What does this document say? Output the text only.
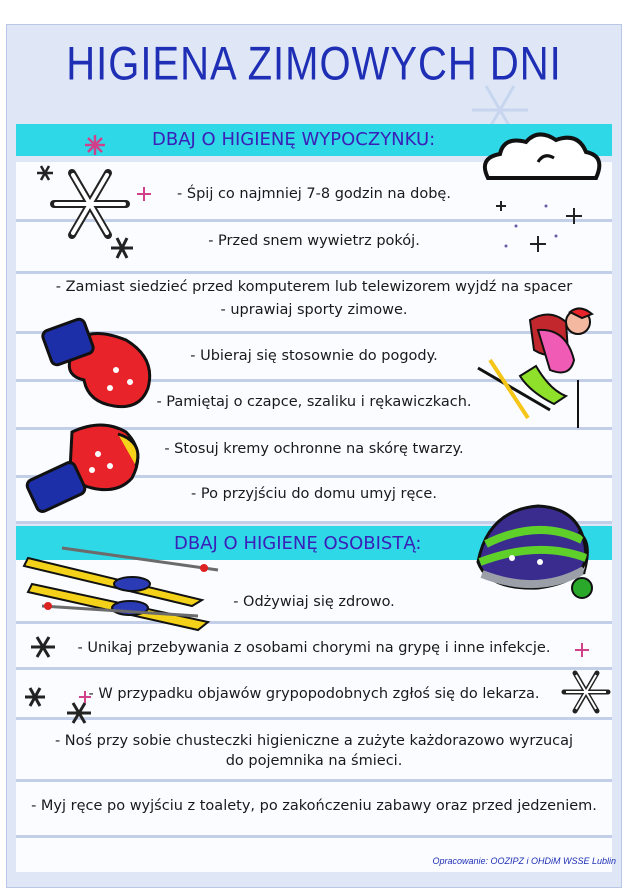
HIGIENA ZIMOWYCH DNI
DBAJ O HIGIENĘ WYPOCZYNKU:
- Śpij co najmniej 7-8 godzin na dobę.
- Przed snem wywietrz pokój.
- Zamiast siedzieć przed komputerem lub telewizorem wyjdź na spacer
- uprawiaj sporty zimowe.
- Ubieraj się stosownie do pogody.
- Pamiętaj o czapce, szaliku i rękawiczkach.
- Stosuj kremy ochronne na skórę twarzy.
- Po przyjściu do domu umyj ręce.
DBAJ O HIGIENĘ OSOBISTĄ:
- Odżywiaj się zdrowo.
- Unikaj przebywania z osobami chorymi na grypę i inne infekcje.
- W przypadku objawów grypopodobnych zgłoś się do lekarza.
- Noś przy sobie chusteczki higieniczne a zużyte każdorazowo wyrzucaj
do pojemnika na śmieci.
- Myj ręce po wyjściu z toalety, po zakończeniu zabawy oraz przed jedzeniem.
Opracowanie: OOZIPZ i OHDiM WSSE Lublin
